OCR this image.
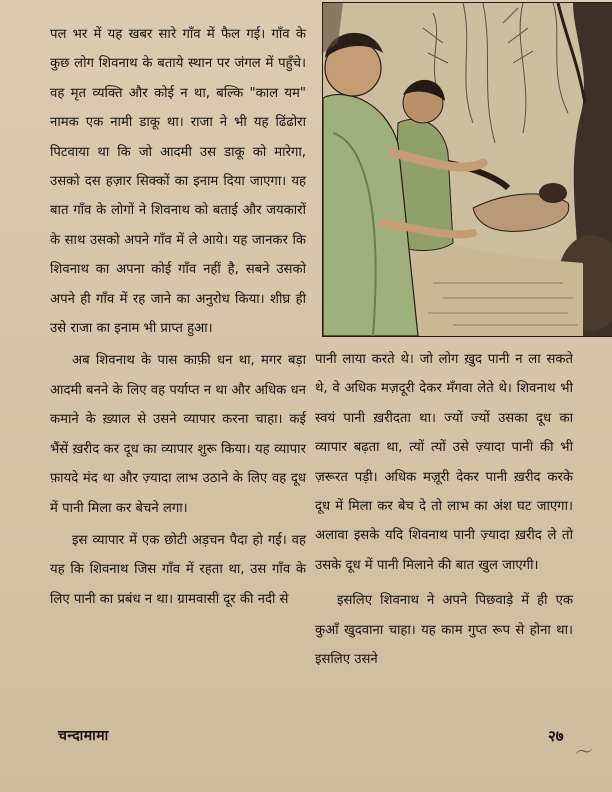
पल भर में यह खबर सारे गाँव में फैल गई। गाँव के कुछ लोग शिवनाथ के बताये स्थान पर जंगल में पहुँचे। वह मृत व्यक्ति और कोई न था, बल्कि "काल यम" नामक एक नामी डाकू था। राजा ने भी यह ढिंढोरा पिटवाया था कि जो आदमी उस डाकू को मारेगा, उसको दस हज़ार सिक्कों का इनाम दिया जाएगा। यह बात गाँव के लोगों ने शिवनाथ को बताई और जयकारों के साथ उसको अपने गाँव में ले आये। यह जानकर कि शिवनाथ का अपना कोई गाँव नहीं है, सबने उसको अपने ही गाँव में रह जाने का अनुरोध किया। शीघ्र ही उसे राजा का इनाम भी प्राप्त हुआ।

अब शिवनाथ के पास काफ़ी धन था, मगर बड़ा आदमी बनने के लिए वह पर्याप्त न था और अधिक धन कमाने के ख़्याल से उसने व्यापार करना चाहा। कई भैंसें ख़रीद कर दूध का व्यापार शुरू किया। यह व्यापार फ़ायदे मंद था और ज़्यादा लाभ उठाने के लिए वह दूध में पानी मिला कर बेचने लगा।

इस व्यापार में एक छोटी अड़चन पैदा हो गई। वह यह कि शिवनाथ जिस गाँव में रहता था, उस गाँव के लिए पानी का प्रबंध न था। ग्रामवासी दूर की नदी से

पानी लाया करते थे। जो लोग ख़ुद पानी न ला सकते थे, वे अधिक मज़दूरी देकर मँगवा लेते थे। शिवनाथ भी स्वयं पानी ख़रीदता था। ज्यों ज्यों उसका दूध का व्यापार बढ़ता था, त्यों त्यों उसे ज़्यादा पानी की भी ज़रूरत पड़ी। अधिक मज़ूरी देकर पानी ख़रीद करके दूध में मिला कर बेच दे तो लाभ का अंश घट जाएगा। अलावा इसके यदि शिवनाथ पानी ज़्यादा ख़रीद ले तो उसके दूध में पानी मिलाने की बात खुल जाएगी।

इसलिए शिवनाथ ने अपने पिछवाड़े में ही एक कुआँ खुदवाना चाहा। यह काम गुप्त रूप से होना था। इसलिए उसने

चन्दामामा	२७
〜
